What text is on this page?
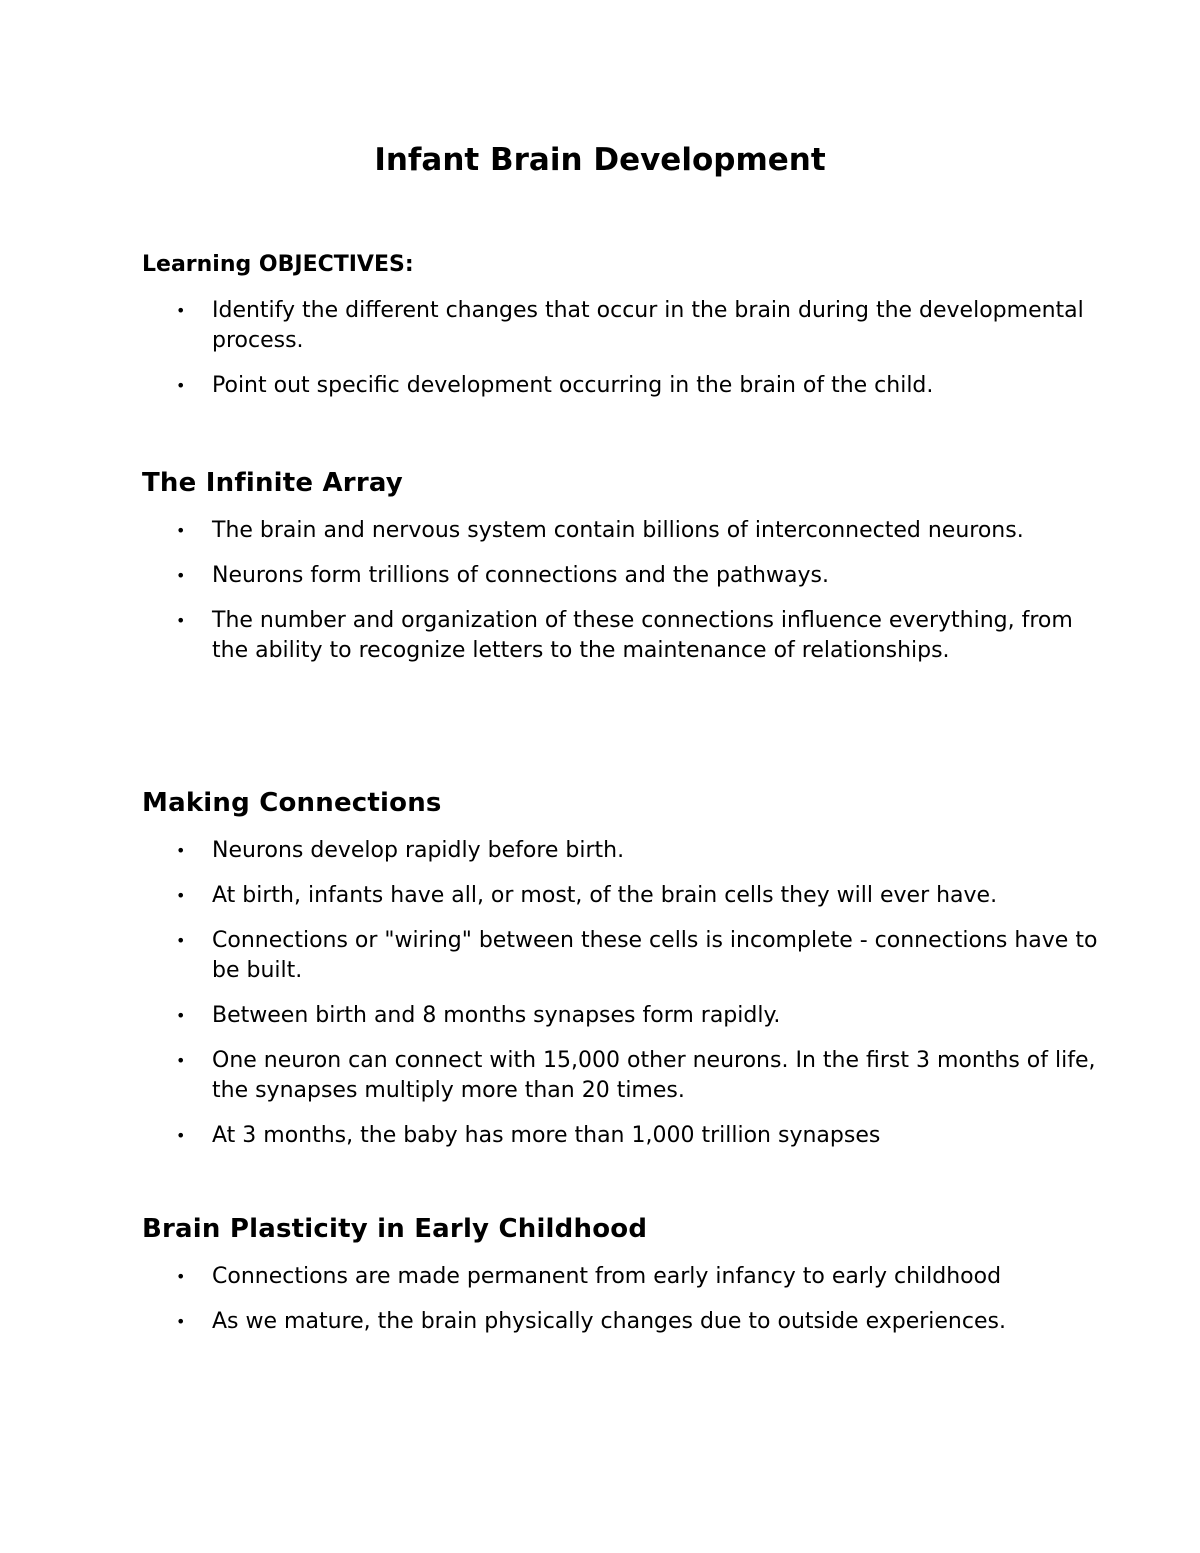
Infant Brain Development
Learning OBJECTIVES:
• Identify the different changes that occur in the brain during the developmental process.
• Point out specific development occurring in the brain of the child.
The Infinite Array
• The brain and nervous system contain billions of interconnected neurons.
• Neurons form trillions of connections and the pathways.
• The number and organization of these connections influence everything, from the ability to recognize letters to the maintenance of relationships.
Making Connections
• Neurons develop rapidly before birth.
• At birth, infants have all, or most, of the brain cells they will ever have.
• Connections or "wiring" between these cells is incomplete - connections have to be built.
• Between birth and 8 months synapses form rapidly.
• One neuron can connect with 15,000 other neurons. In the first 3 months of life, the synapses multiply more than 20 times.
• At 3 months, the baby has more than 1,000 trillion synapses
Brain Plasticity in Early Childhood
• Connections are made permanent from early infancy to early childhood
• As we mature, the brain physically changes due to outside experiences.
